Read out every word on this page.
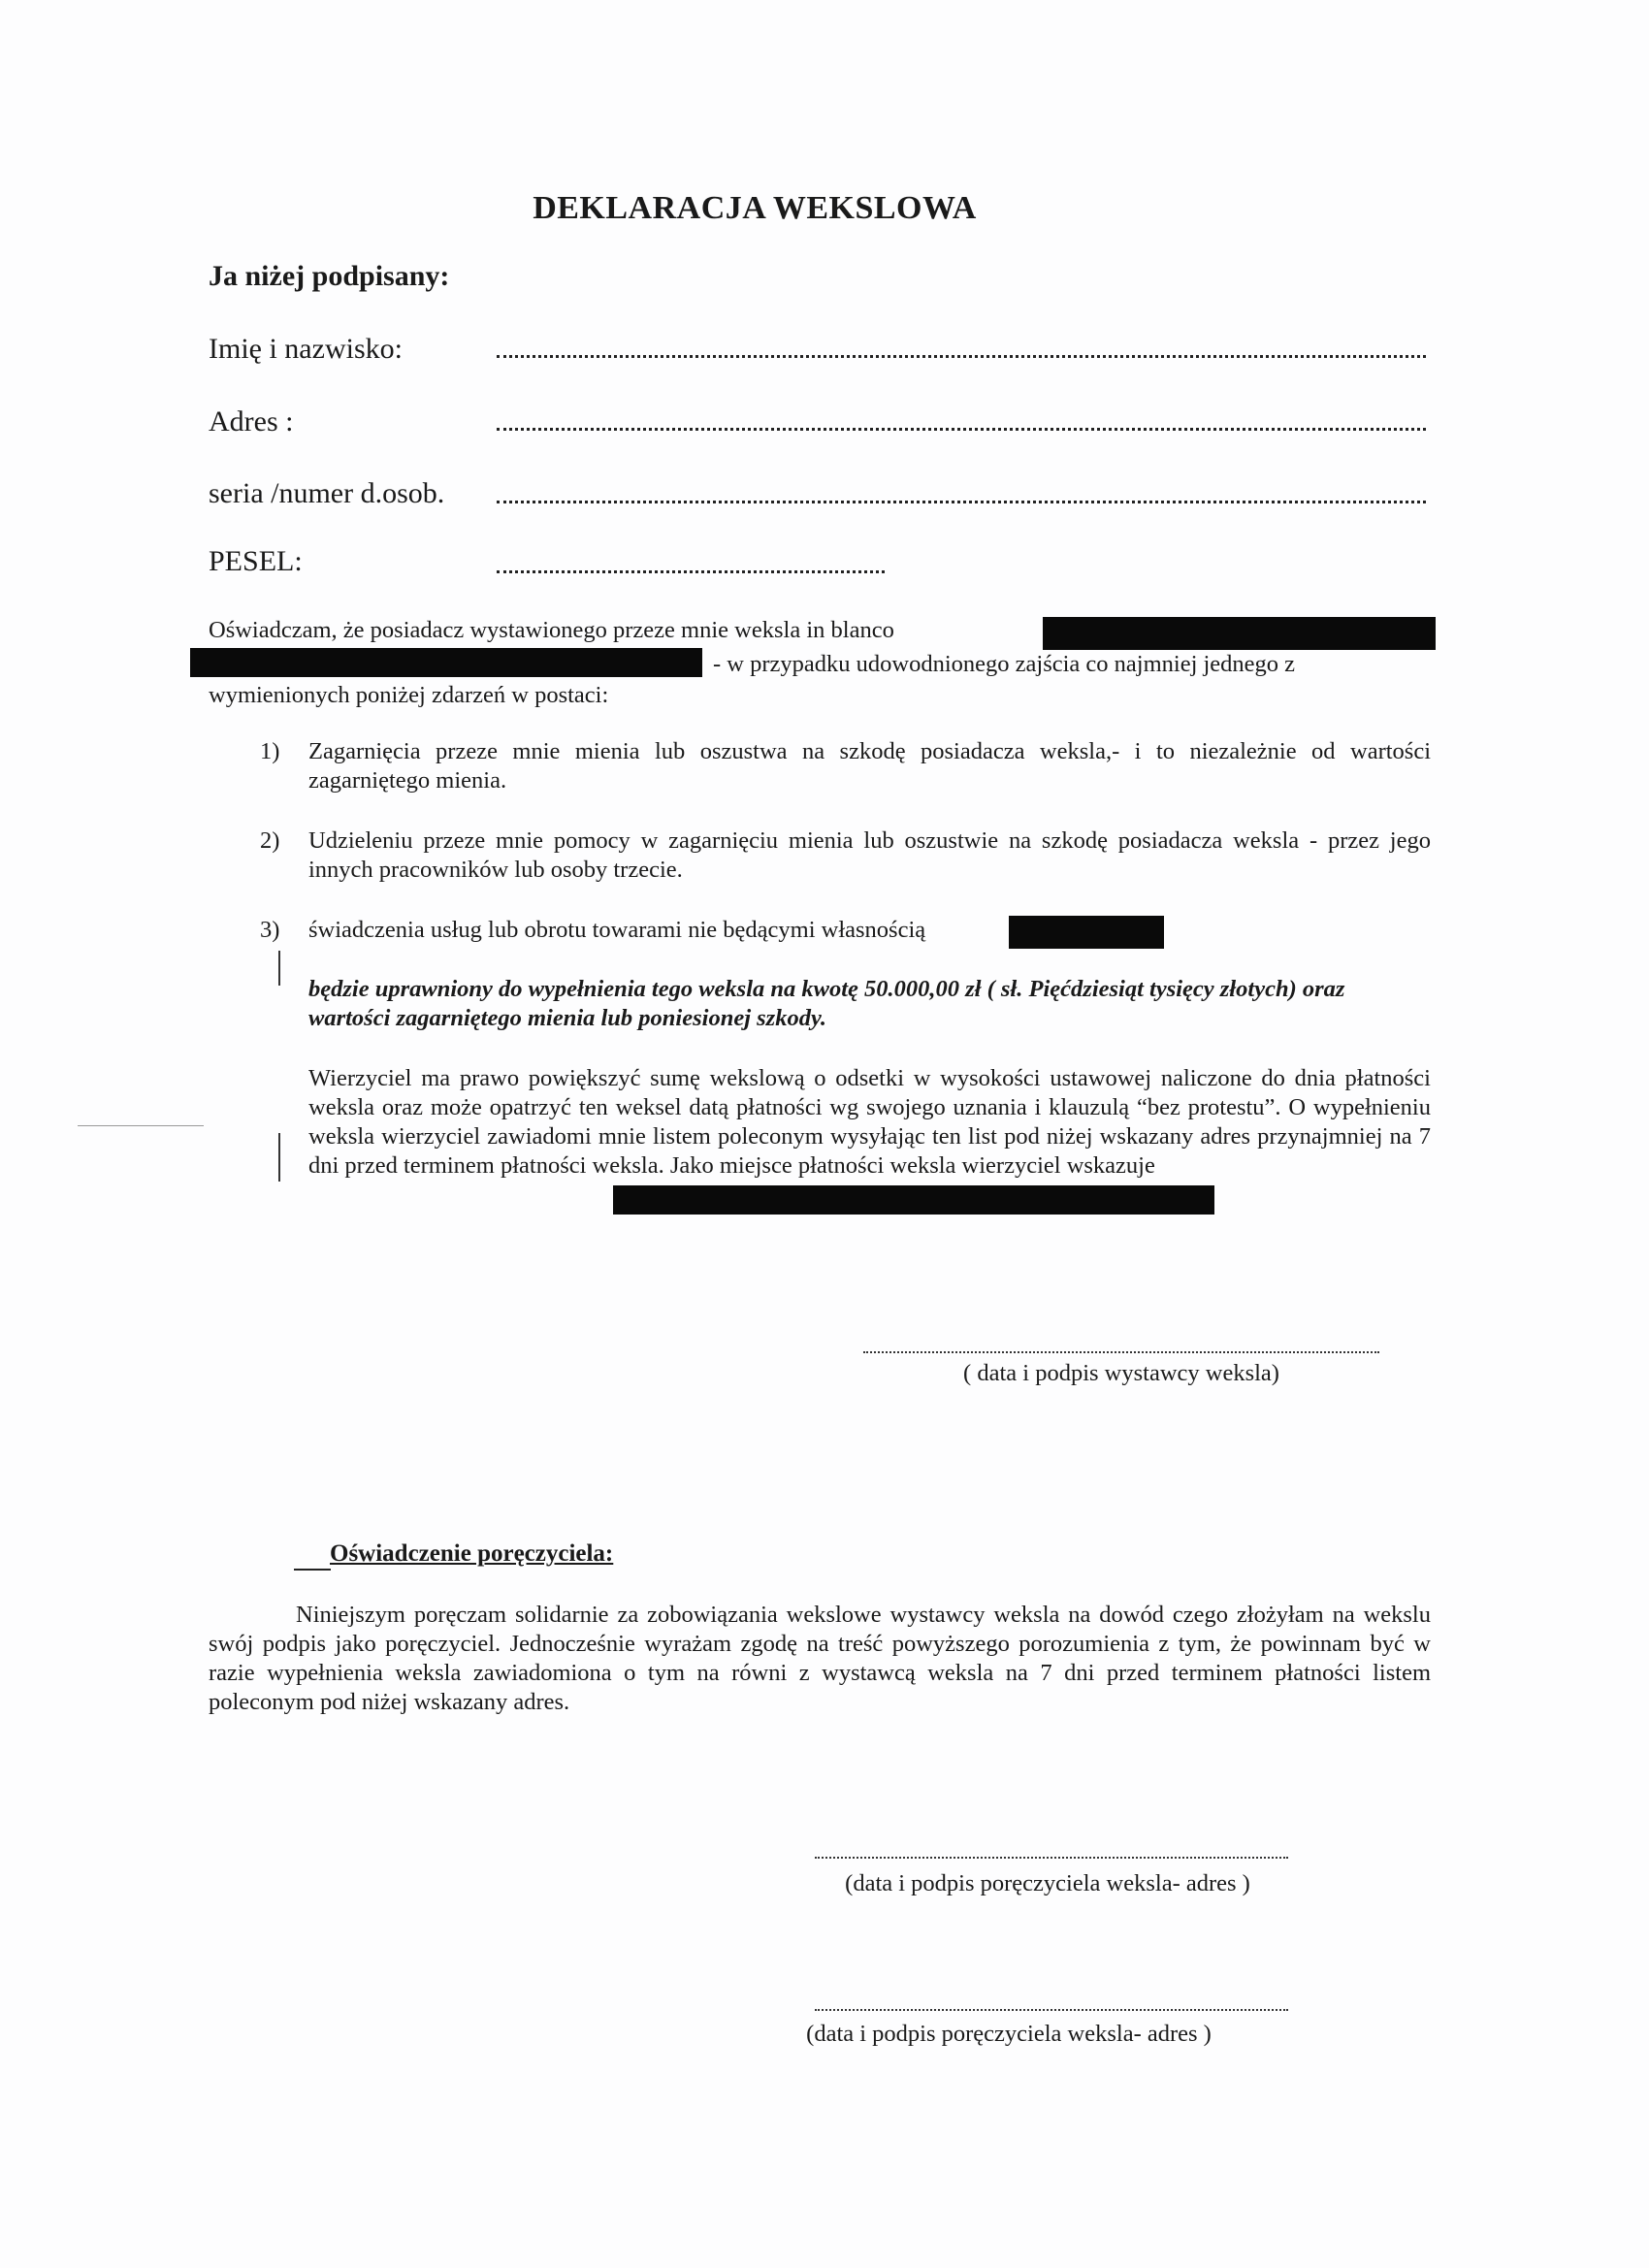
DEKLARACJA WEKSLOWA
Ja niżej podpisany:
Imię i nazwisko:
Adres :
seria /numer d.osob.
PESEL:
Oświadczam, że posiadacz wystawionego przeze mnie weksla in blanco
- w przypadku udowodnionego zajścia co najmniej jednego z
wymienionych poniżej zdarzeń w postaci:
1) Zagarnięcia przeze mnie mienia lub oszustwa na szkodę posiadacza weksla,- i to niezależnie od wartości zagarniętego mienia.
2) Udzieleniu przeze mnie pomocy w zagarnięciu mienia lub oszustwie na szkodę posiadacza weksla - przez jego innych pracowników lub osoby trzecie.
3) świadczenia usług lub obrotu towarami nie będącymi własnością
będzie uprawniony do wypełnienia tego weksla na kwotę 50.000,00 zł ( sł. Pięćdziesiąt tysięcy złotych) oraz wartości zagarniętego mienia lub poniesionej szkody.
Wierzyciel ma prawo powiększyć sumę wekslową o odsetki w wysokości ustawowej naliczone do dnia płatności weksla oraz może opatrzyć ten weksel datą płatności wg swojego uznania i klauzulą “bez protestu”. O wypełnieniu weksla wierzyciel zawiadomi mnie listem poleconym wysyłając ten list pod niżej wskazany adres przynajmniej na 7 dni przed terminem płatności weksla. Jako miejsce płatności weksla wierzyciel wskazuje
( data i podpis wystawcy weksla)
Oświadczenie poręczyciela:
Niniejszym poręczam solidarnie za zobowiązania wekslowe wystawcy weksla na dowód czego złożyłam na wekslu swój podpis jako poręczyciel. Jednocześnie wyrażam zgodę na treść powyższego porozumienia z tym, że powinnam być w razie wypełnienia weksla zawiadomiona o tym na równi z wystawcą weksla na 7 dni przed terminem płatności listem poleconym pod niżej wskazany adres.
(data i podpis poręczyciela weksla- adres )
(data i podpis poręczyciela weksla- adres )
